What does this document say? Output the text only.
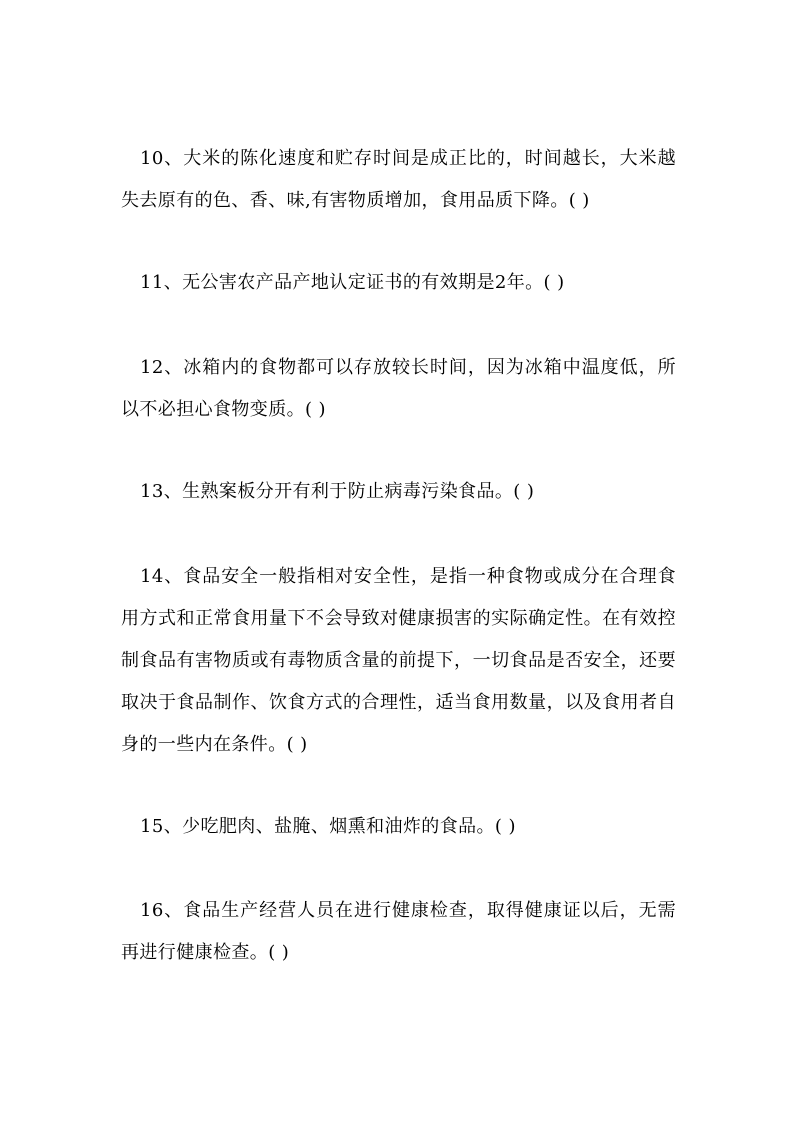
10、大米的陈化速度和贮存时间是成正比的，时间越长，大米越失去原有的色、香、味,有害物质增加，食用品质下降。( )

11、无公害农产品产地认定证书的有效期是2年。( )

12、冰箱内的食物都可以存放较长时间，因为冰箱中温度低，所以不必担心食物变质。( )

13、生熟案板分开有利于防止病毒污染食品。( )

14、食品安全一般指相对安全性，是指一种食物或成分在合理食用方式和正常食用量下不会导致对健康损害的实际确定性。在有效控制食品有害物质或有毒物质含量的前提下，一切食品是否安全，还要取决于食品制作、饮食方式的合理性，适当食用数量，以及食用者自身的一些内在条件。( )

15、少吃肥肉、盐腌、烟熏和油炸的食品。( )

16、食品生产经营人员在进行健康检查，取得健康证以后，无需再进行健康检查。( )
